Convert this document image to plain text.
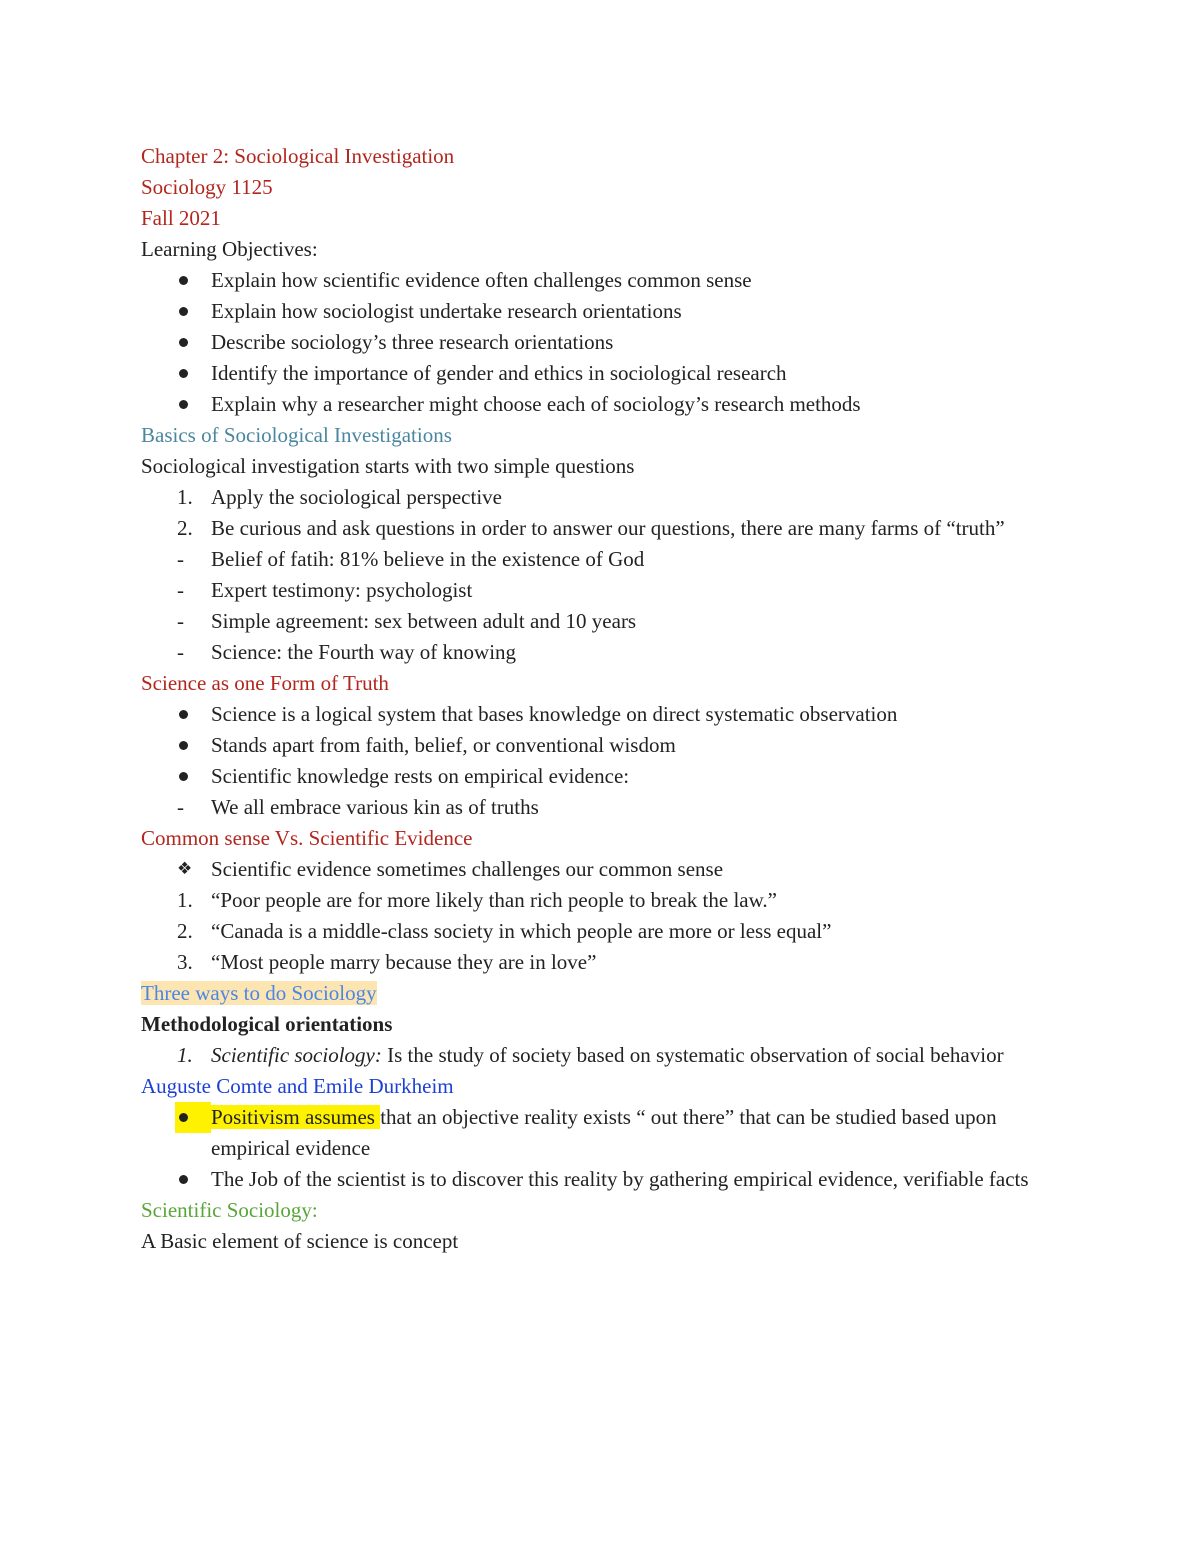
Chapter 2: Sociological Investigation
Sociology 1125
Fall 2021
Learning Objectives:
Explain how scientific evidence often challenges common sense
Explain how sociologist undertake research orientations
Describe sociology’s three research orientations
Identify the importance of gender and ethics in sociological research
Explain why a researcher might choose each of sociology’s research methods
Basics of Sociological Investigations
Sociological investigation starts with two simple questions
1. Apply the sociological perspective
2. Be curious and ask questions in order to answer our questions, there are many farms of “truth”
-	Belief of fatih: 81% believe in the existence of God
-	Expert testimony: psychologist
-	Simple agreement: sex between adult and 10 years
-	Science: the Fourth way of knowing
Science as one Form of Truth
Science is a logical system that bases knowledge on direct systematic observation
Stands apart from faith, belief, or conventional wisdom
Scientific knowledge rests on empirical evidence:
-	We all embrace various kin as of truths
Common sense Vs. Scientific Evidence
❖ Scientific evidence sometimes challenges our common sense
1. “Poor people are for more likely than rich people to break the law.”
2. “Canada is a middle-class society in which people are more or less equal”
3. “Most people marry because they are in love”
Three ways to do Sociology
Methodological orientations
1. Scientific sociology: Is the study of society based on systematic observation of social behavior
Auguste Comte and Emile Durkheim
Positivism assumes that an objective reality exists “ out there” that can be studied based upon empirical evidence
The Job of the scientist is to discover this reality by gathering empirical evidence, verifiable facts
Scientific Sociology:
A Basic element of science is concept
